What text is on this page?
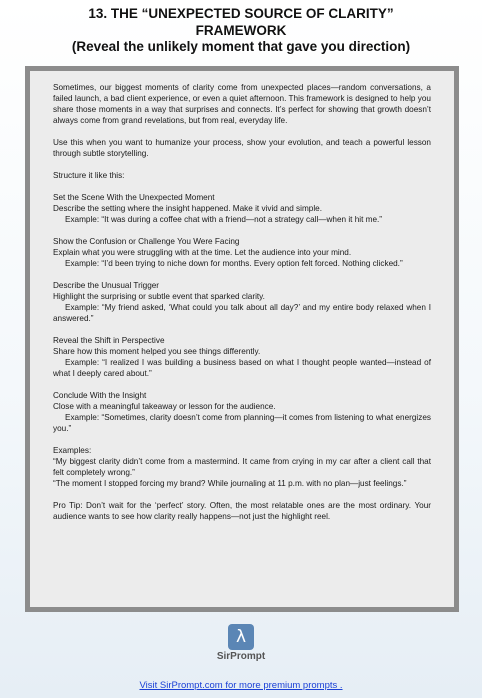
13. THE “UNEXPECTED SOURCE OF CLARITY”
FRAMEWORK
(Reveal the unlikely moment that gave you direction)
Sometimes, our biggest moments of clarity come from unexpected places—random conversations, a failed launch, a bad client experience, or even a quiet afternoon. This framework is designed to help you share those moments in a way that surprises and connects. It’s perfect for showing that growth doesn’t always come from grand revelations, but from real, everyday life.
Use this when you want to humanize your process, show your evolution, and teach a powerful lesson through subtle storytelling.
Structure it like this:
Set the Scene With the Unexpected Moment
Describe the setting where the insight happened. Make it vivid and simple.
Example: “It was during a coffee chat with a friend—not a strategy call—when it hit me.”
Show the Confusion or Challenge You Were Facing
Explain what you were struggling with at the time. Let the audience into your mind.
Example: “I’d been trying to niche down for months. Every option felt forced. Nothing clicked.”
Describe the Unusual Trigger
Highlight the surprising or subtle event that sparked clarity.
Example: “My friend asked, ‘What could you talk about all day?’ and my entire body relaxed when I answered.”
Reveal the Shift in Perspective
Share how this moment helped you see things differently.
Example: “I realized I was building a business based on what I thought people wanted—instead of what I deeply cared about.”
Conclude With the Insight
Close with a meaningful takeaway or lesson for the audience.
Example: “Sometimes, clarity doesn’t come from planning—it comes from listening to what energizes you.”
Examples:
“My biggest clarity didn’t come from a mastermind. It came from crying in my car after a client call that felt completely wrong.”
“The moment I stopped forcing my brand? While journaling at 11 p.m. with no plan—just feelings.”
Pro Tip: Don’t wait for the ‘perfect’ story. Often, the most relatable ones are the most ordinary. Your audience wants to see how clarity really happens—not just the highlight reel.
λ
SirPrompt
Visit SirPrompt.com for more premium prompts .
